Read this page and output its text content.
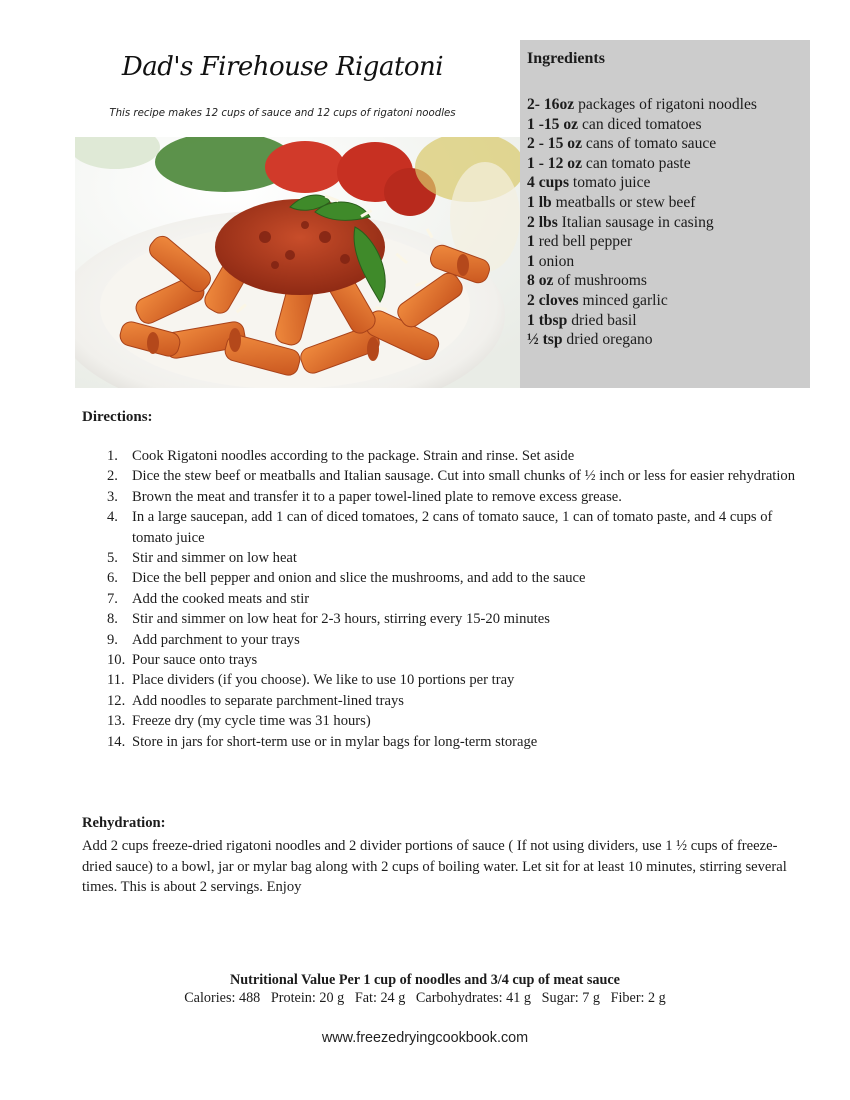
Dad's Firehouse Rigatoni
This recipe makes 12 cups of sauce and 12 cups of rigatoni noodles
Ingredients
2- 16oz packages of rigatoni noodles
1 -15 oz can diced tomatoes
2 - 15 oz cans of tomato sauce
1 - 12 oz can tomato paste
4 cups tomato juice
1 lb meatballs or stew beef
2 lbs Italian sausage in casing
1 red bell pepper
1 onion
8 oz of mushrooms
2 cloves minced garlic
1 tbsp dried basil
½ tsp dried oregano
Directions:
1. Cook Rigatoni noodles according to the package. Strain and rinse. Set aside
2. Dice the stew beef or meatballs and Italian sausage. Cut into small chunks of ½ inch or less for easier rehydration
3. Brown the meat and transfer it to a paper towel-lined plate to remove excess grease.
4. In a large saucepan, add 1 can of diced tomatoes, 2 cans of tomato sauce, 1 can of tomato paste, and 4 cups of tomato juice
5. Stir and simmer on low heat
6. Dice the bell pepper and onion and slice the mushrooms, and add to the sauce
7. Add the cooked meats and stir
8. Stir and simmer on low heat for 2-3 hours, stirring every 15-20 minutes
9. Add parchment to your trays
10. Pour sauce onto trays
11. Place dividers (if you choose). We like to use 10 portions per tray
12. Add noodles to separate parchment-lined trays
13. Freeze dry (my cycle time was 31 hours)
14. Store in jars for short-term use or in mylar bags for long-term storage
Rehydration:
Add 2 cups freeze-dried rigatoni noodles and 2 divider portions of sauce ( If not using dividers, use 1 ½ cups of freeze-dried sauce) to a bowl, jar or mylar bag along with 2 cups of boiling water. Let sit for at least 10 minutes, stirring several times. This is about 2 servings. Enjoy
Nutritional Value Per 1 cup of noodles and 3/4 cup of meat sauce
Calories: 488   Protein: 20 g   Fat: 24 g   Carbohydrates: 41 g   Sugar: 7 g   Fiber: 2 g
www.freezedryingcookbook.com
